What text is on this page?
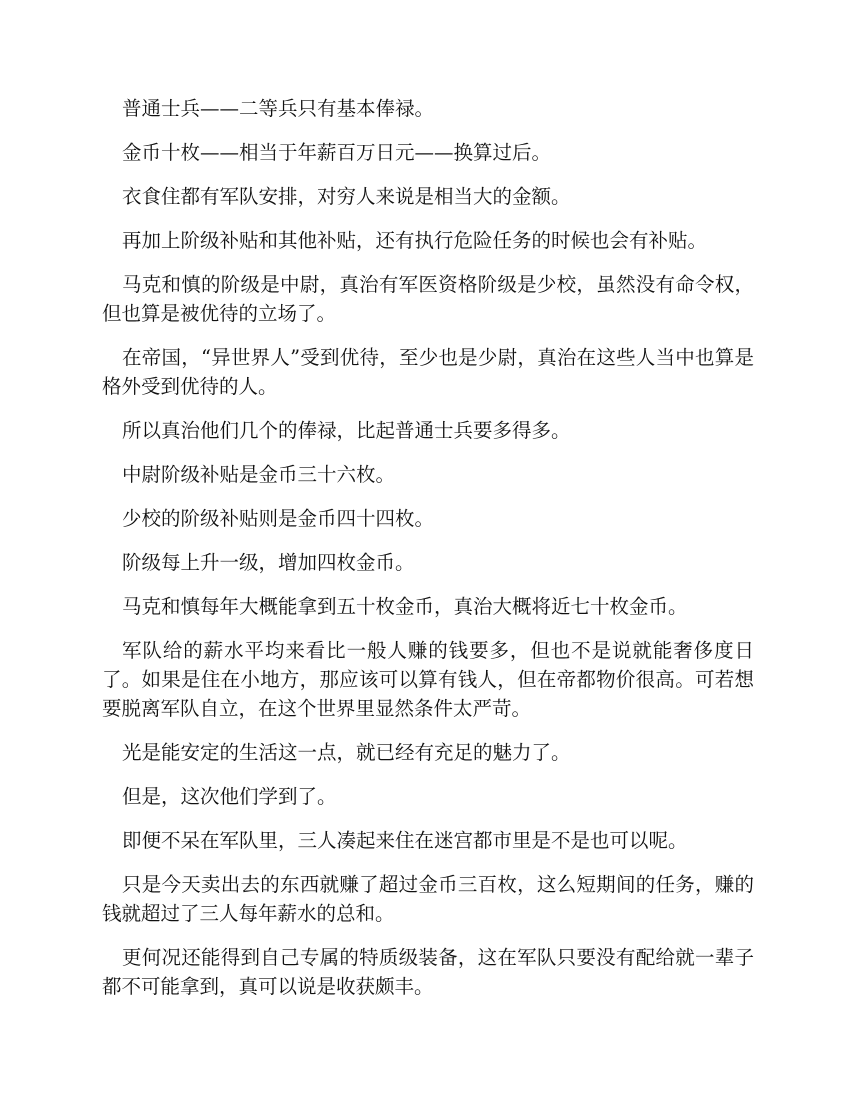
普通士兵——二等兵只有基本俸禄。

金币十枚——相当于年薪百万日元——换算过后。

衣食住都有军队安排，对穷人来说是相当大的金额。

再加上阶级补贴和其他补贴，还有执行危险任务的时候也会有补贴。

马克和慎的阶级是中尉，真治有军医资格阶级是少校，虽然没有命令权，但也算是被优待的立场了。

在帝国，“异世界人”受到优待，至少也是少尉，真治在这些人当中也算是格外受到优待的人。

所以真治他们几个的俸禄，比起普通士兵要多得多。

中尉阶级补贴是金币三十六枚。

少校的阶级补贴则是金币四十四枚。

阶级每上升一级，增加四枚金币。

马克和慎每年大概能拿到五十枚金币，真治大概将近七十枚金币。

军队给的薪水平均来看比一般人赚的钱要多，但也不是说就能奢侈度日了。如果是住在小地方，那应该可以算有钱人，但在帝都物价很高。可若想要脱离军队自立，在这个世界里显然条件太严苛。

光是能安定的生活这一点，就已经有充足的魅力了。

但是，这次他们学到了。

即便不呆在军队里，三人凑起来住在迷宫都市里是不是也可以呢。

只是今天卖出去的东西就赚了超过金币三百枚，这么短期间的任务，赚的钱就超过了三人每年薪水的总和。

更何况还能得到自己专属的特质级装备，这在军队只要没有配给就一辈子都不可能拿到，真可以说是收获颇丰。
